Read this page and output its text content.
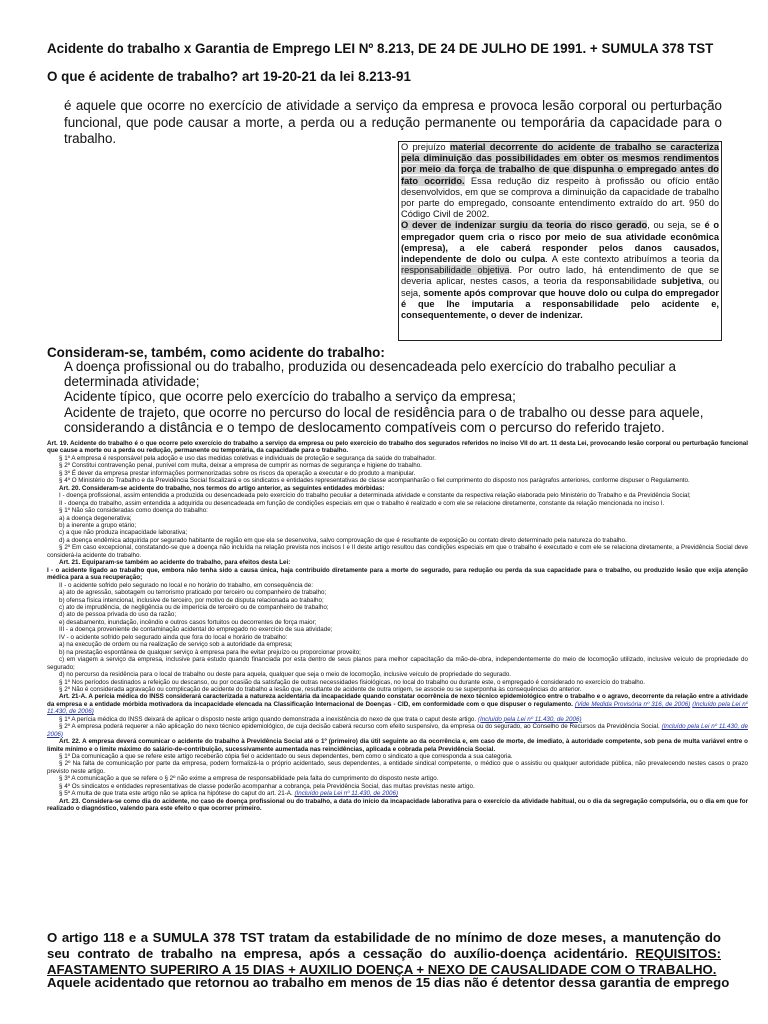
Acidente do trabalho x Garantia de Emprego LEI Nº 8.213, DE 24 DE JULHO DE 1991. + SUMULA 378 TST
O que é acidente de trabalho? art 19-20-21 da lei 8.213-91
é aquele que ocorre no exercício de atividade a serviço da empresa e provoca lesão corporal ou perturbação funcional, que pode causar a morte, a perda ou a redução permanente ou temporária da capacidade para o trabalho.
O prejuízo material decorrente do acidente de trabalho se caracteriza pela diminuição das possibilidades em obter os mesmos rendimentos por meio da força de trabalho de que dispunha o empregado antes do fato ocorrido. Essa redução diz respeito à profissão ou ofício então desenvolvidos, em que se comprova a diminuição da capacidade de trabalho por parte do empregado, consoante entendimento extraído do art. 950 do Código Civil de 2002.
O dever de indenizar surgiu da teoria do risco gerado, ou seja, se é o empregador quem cria o risco por meio de sua atividade econômica (empresa), a ele caberá responder pelos danos causados, independente de dolo ou culpa. A este contexto atribuímos a teoria da responsabilidade objetiva. Por outro lado, há entendimento de que se deveria aplicar, nestes casos, a teoria da responsabilidade subjetiva, ou seja, somente após comprovar que houve dolo ou culpa do empregador é que lhe imputaria a responsabilidade pelo acidente e, consequentemente, o dever de indenizar.
Consideram-se, também, como acidente do trabalho:
A doença profissional ou do trabalho, produzida ou desencadeada pelo exercício do trabalho peculiar a determinada atividade;
Acidente típico, que ocorre pelo exercício do trabalho a serviço da empresa;
Acidente de trajeto, que ocorre no percurso do local de residência para o de trabalho ou desse para aquele, considerando a distância e o tempo de deslocamento compatíveis com o percurso do referido trajeto.

Art. 19. Acidente do trabalho é o que ocorre pelo exercício do trabalho a serviço da empresa ou pelo exercício do trabalho dos segurados referidos no inciso VII do art. 11 desta Lei, provocando lesão corporal ou perturbação funcional que cause a morte ou a perda ou redução, permanente ou temporária, da capacidade para o trabalho.

§ 1º A empresa é responsável pela adoção e uso das medidas coletivas e individuais de proteção e segurança da saúde do trabalhador.

§ 2º Constitui contravenção penal, punível com multa, deixar a empresa de cumprir as normas de segurança e higiene do trabalho.

§ 3º É dever da empresa prestar informações pormenorizadas sobre os riscos da operação a executar e do produto a manipular.

§ 4º O Ministério do Trabalho e da Previdência Social fiscalizará e os sindicatos e entidades representativas de classe acompanharão o fiel cumprimento do disposto nos parágrafos anteriores, conforme dispuser o Regulamento.

Art. 20. Consideram-se acidente do trabalho, nos termos do artigo anterior, as seguintes entidades mórbidas:

I - doença profissional, assim entendida a produzida ou desencadeada pelo exercício do trabalho peculiar a determinada atividade e constante da respectiva relação elaborada pelo Ministério do Trabalho e da Previdência Social;

II - doença do trabalho, assim entendida a adquirida ou desencadeada em função de condições especiais em que o trabalho é realizado e com ele se relacione diretamente, constante da relação mencionada no inciso I.

§ 1º Não são consideradas como doença do trabalho:

a) a doença degenerativa;

b) a inerente a grupo etário;

c) a que não produza incapacidade laborativa;

d) a doença endêmica adquirida por segurado habitante de região em que ela se desenvolva, salvo comprovação de que é resultante de exposição ou contato direto determinado pela natureza do trabalho.

§ 2º Em caso excepcional, constatando-se que a doença não incluída na relação prevista nos incisos I e II deste artigo resultou das condições especiais em que o trabalho é executado e com ele se relaciona diretamente, a Previdência Social deve considerá-la acidente do trabalho.

Art. 21. Equiparam-se também ao acidente do trabalho, para efeitos desta Lei:

I - o acidente ligado ao trabalho que, embora não tenha sido a causa única, haja contribuído diretamente para a morte do segurado, para redução ou perda da sua capacidade para o trabalho, ou produzido lesão que exija atenção médica para a sua recuperação;

II - o acidente sofrido pelo segurado no local e no horário do trabalho, em consequência de:

a) ato de agressão, sabotagem ou terrorismo praticado por terceiro ou companheiro de trabalho;

b) ofensa física intencional, inclusive de terceiro, por motivo de disputa relacionada ao trabalho;

c) ato de imprudência, de negligência ou de imperícia de terceiro ou de companheiro de trabalho;

d) ato de pessoa privada do uso da razão;

e) desabamento, inundação, incêndio e outros casos fortuitos ou decorrentes de força maior;

III - a doença proveniente de contaminação acidental do empregado no exercício de sua atividade;

IV - o acidente sofrido pelo segurado ainda que fora do local e horário de trabalho:

a) na execução de ordem ou na realização de serviço sob a autoridade da empresa;

b) na prestação espontânea de qualquer serviço à empresa para lhe evitar prejuízo ou proporcionar proveito;

c) em viagem a serviço da empresa, inclusive para estudo quando financiada por esta dentro de seus planos para melhor capacitação da mão-de-obra, independentemente do meio de locomoção utilizado, inclusive veículo de propriedade do segurado;

d) no percurso da residência para o local de trabalho ou deste para aquela, qualquer que seja o meio de locomoção, inclusive veículo de propriedade do segurado.

§ 1º Nos períodos destinados a refeição ou descanso, ou por ocasião da satisfação de outras necessidades fisiológicas, no local do trabalho ou durante este, o empregado é considerado no exercício do trabalho.

§ 2º Não é considerada agravação ou complicação de acidente do trabalho a lesão que, resultante de acidente de outra origem, se associe ou se superponha às consequências do anterior.

Art. 21-A. A perícia médica do INSS considerará caracterizada a natureza acidentária da incapacidade quando constatar ocorrência de nexo técnico epidemiológico entre o trabalho e o agravo, decorrente da relação entre a atividade da empresa e a entidade mórbida motivadora da incapacidade elencada na Classificação Internacional de Doenças - CID, em conformidade com o que dispuser o regulamento. (Vide Medida Provisória nº 316, de 2006) (Incluído pela Lei nº 11.430, de 2006)

§ 1º A perícia médica do INSS deixará de aplicar o disposto neste artigo quando demonstrada a inexistência do nexo de que trata o caput deste artigo. (Incluído pela Lei nº 11.430, de 2006)

§ 2º A empresa poderá requerer a não aplicação do nexo técnico epidemiológico, de cuja decisão caberá recurso com efeito suspensivo, da empresa ou do segurado, ao Conselho de Recursos da Previdência Social. (Incluído pela Lei nº 11.430, de 2006)

Art. 22. A empresa deverá comunicar o acidente do trabalho à Previdência Social até o 1º (primeiro) dia útil seguinte ao da ocorrência e, em caso de morte, de imediato, à autoridade competente, sob pena de multa variável entre o limite mínimo e o limite máximo do salário-de-contribuição, sucessivamente aumentada nas reincidências, aplicada e cobrada pela Previdência Social.

§ 1º Da comunicação a que se refere este artigo receberão cópia fiel o acidentado ou seus dependentes, bem como o sindicato a que corresponda a sua categoria.

§ 2º Na falta de comunicação por parte da empresa, podem formalizá-la o próprio acidentado, seus dependentes, a entidade sindical competente, o médico que o assistiu ou qualquer autoridade pública, não prevalecendo nestes casos o prazo previsto neste artigo.

§ 3º A comunicação a que se refere o § 2º não exime a empresa de responsabilidade pela falta do cumprimento do disposto neste artigo.

§ 4º Os sindicatos e entidades representativas de classe poderão acompanhar a cobrança, pela Previdência Social, das multas previstas neste artigo.

§ 5º A multa de que trata este artigo não se aplica na hipótese do caput do art. 21-A. (Incluído pela Lei nº 11.430, de 2006)

Art. 23. Considera-se como dia do acidente, no caso de doença profissional ou do trabalho, a data do início da incapacidade laborativa para o exercício da atividade habitual, ou o dia da segregação compulsória, ou o dia em que for realizado o diagnóstico, valendo para este efeito o que ocorrer primeiro.

O artigo 118 e a SUMULA 378 TST tratam da estabilidade de no mínimo de doze meses, a manutenção do seu contrato de trabalho na empresa, após a cessação do auxílio-doença acidentário. REQUISITOS: AFASTAMENTO SUPERIRO A 15 DIAS + AUXILIO DOENÇA + NEXO DE CAUSALIDADE COM O TRABALHO.
Aquele acidentado que retornou ao trabalho em menos de 15 dias não é detentor dessa garantia de emprego
